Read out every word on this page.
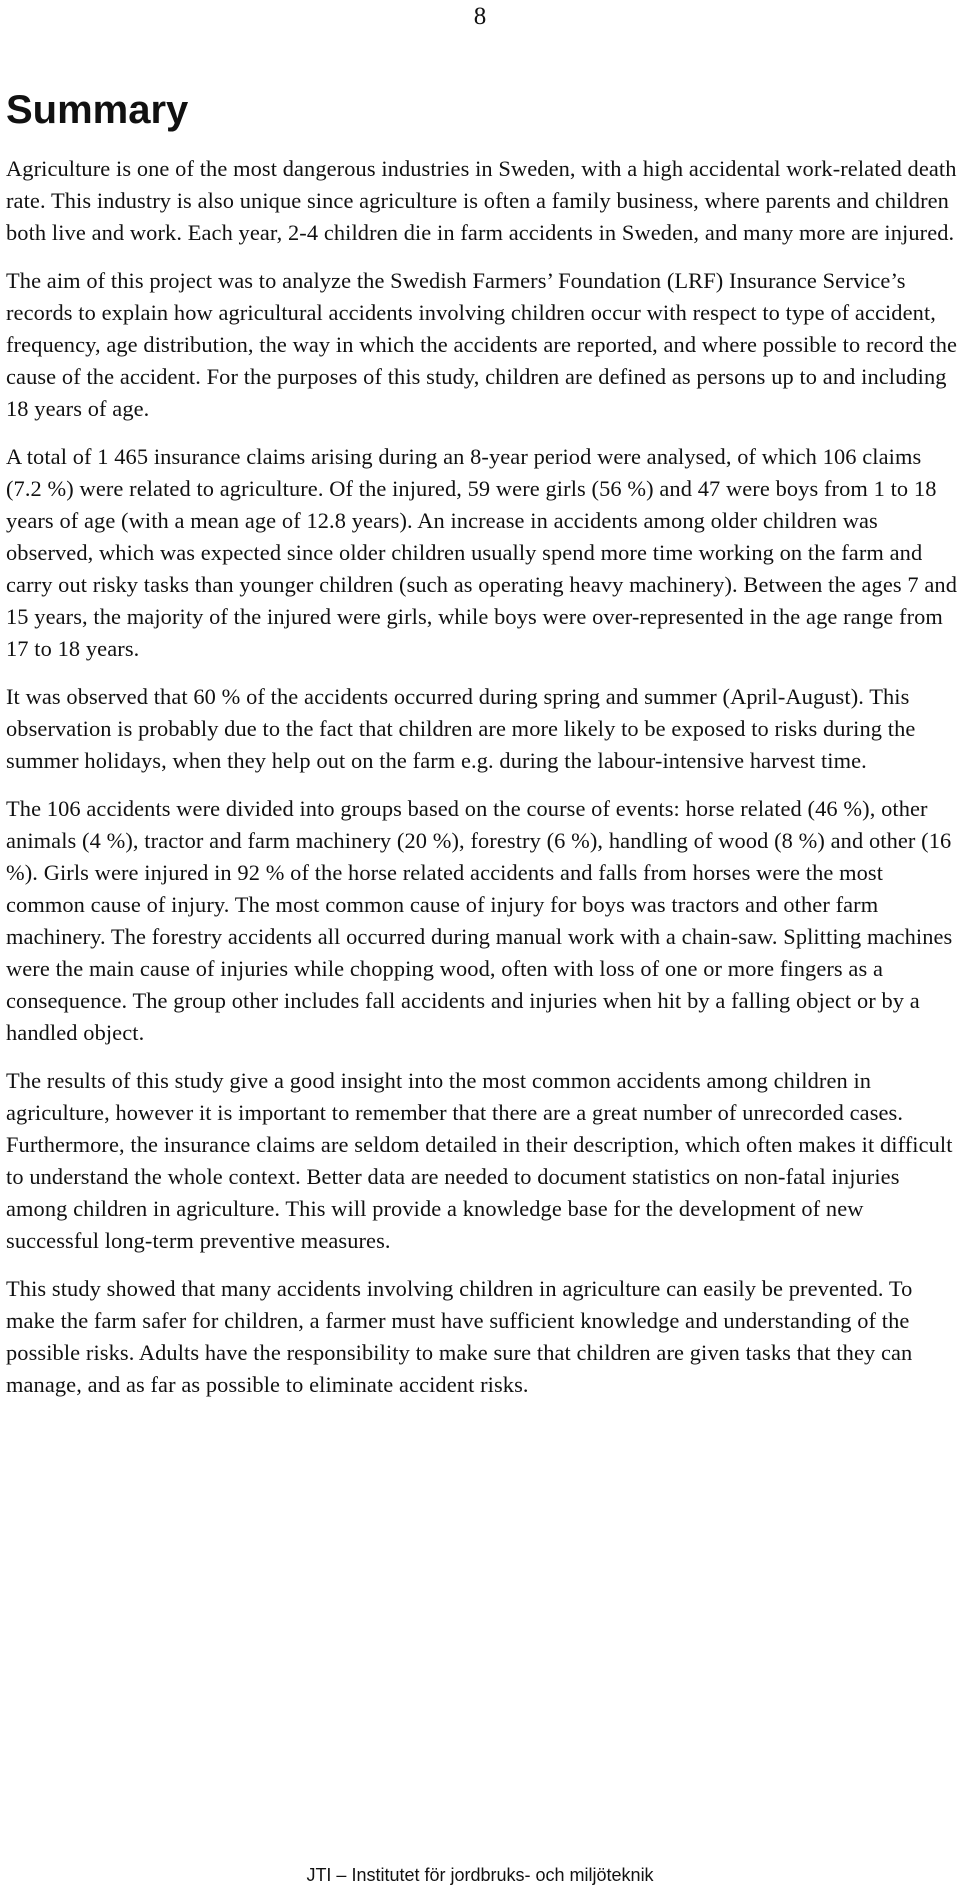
8
Summary

Agriculture is one of the most dangerous industries in Sweden, with a high accidental work-related death rate. This industry is also unique since agriculture is often a family business, where parents and children both live and work. Each year, 2-4 children die in farm accidents in Sweden, and many more are injured.

The aim of this project was to analyze the Swedish Farmers’ Foundation (LRF) Insurance Service’s records to explain how agricultural accidents involving children occur with respect to type of accident, frequency, age distribution, the way in which the accidents are reported, and where possible to record the cause of the accident. For the purposes of this study, children are defined as persons up to and including 18 years of age.

A total of 1 465 insurance claims arising during an 8-year period were analysed, of which 106 claims (7.2 %) were related to agriculture. Of the injured, 59 were girls (56 %) and 47 were boys from 1 to 18 years of age (with a mean age of 12.8 years). An increase in accidents among older children was observed, which was expected since older children usually spend more time working on the farm and carry out risky tasks than younger children (such as operating heavy machinery). Between the ages 7 and 15 years, the majority of the injured were girls, while boys were over-represented in the age range from 17 to 18 years.

It was observed that 60 % of the accidents occurred during spring and summer (April-August). This observation is probably due to the fact that children are more likely to be exposed to risks during the summer holidays, when they help out on the farm e.g. during the labour-intensive harvest time.

The 106 accidents were divided into groups based on the course of events: horse related (46 %), other animals (4 %), tractor and farm machinery (20 %), forestry (6 %), handling of wood (8 %) and other (16 %). Girls were injured in 92 % of the horse related accidents and falls from horses were the most common cause of injury. The most common cause of injury for boys was tractors and other farm machinery. The forestry accidents all occurred during manual work with a chain-saw. Splitting machines were the main cause of injuries while chopping wood, often with loss of one or more fingers as a consequence. The group other includes fall accidents and injuries when hit by a falling object or by a handled object.

The results of this study give a good insight into the most common accidents among children in agriculture, however it is important to remember that there are a great number of unrecorded cases. Furthermore, the insurance claims are seldom detailed in their description, which often makes it difficult to understand the whole context. Better data are needed to document statistics on non-fatal injuries among children in agriculture. This will provide a knowledge base for the development of new successful long-term preventive measures.

This study showed that many accidents involving children in agriculture can easily be prevented. To make the farm safer for children, a farmer must have sufficient knowledge and understanding of the possible risks. Adults have the responsibility to make sure that children are given tasks that they can manage, and as far as possible to eliminate accident risks.

JTI – Institutet för jordbruks- och miljöteknik
